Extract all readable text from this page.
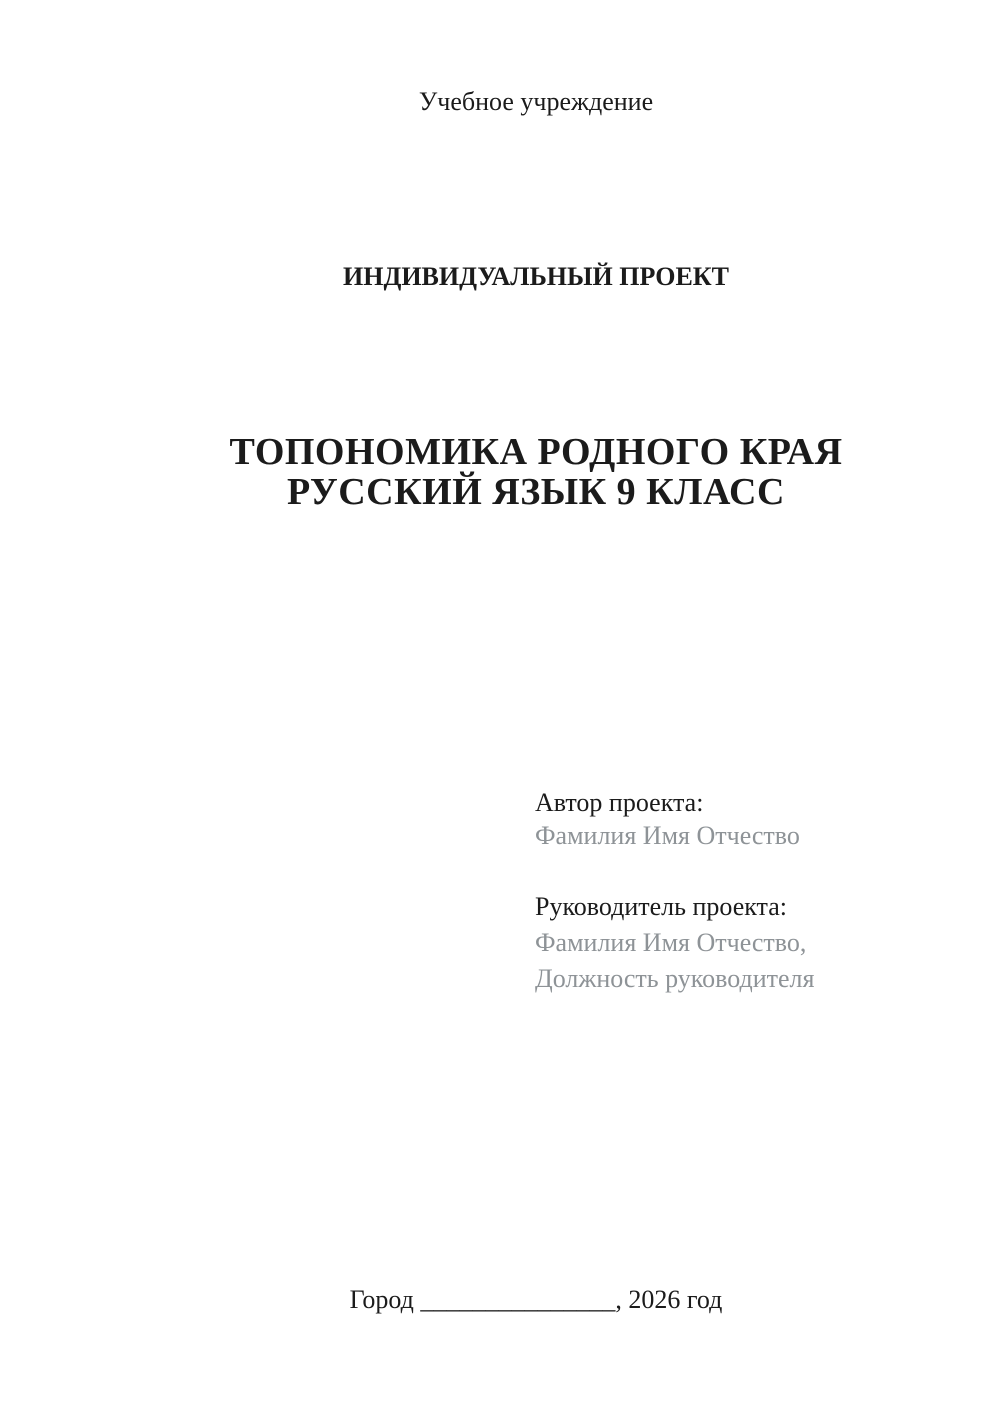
Учебное учреждение
ИНДИВИДУАЛЬНЫЙ ПРОЕКТ
ТОПОНОМИКА РОДНОГО КРАЯ
РУССКИЙ ЯЗЫК 9 КЛАСС

Автор проекта:
Фамилия Имя Отчество

Руководитель проекта:
Фамилия Имя Отчество,
Должность руководителя

Город _______________, 2026 год
